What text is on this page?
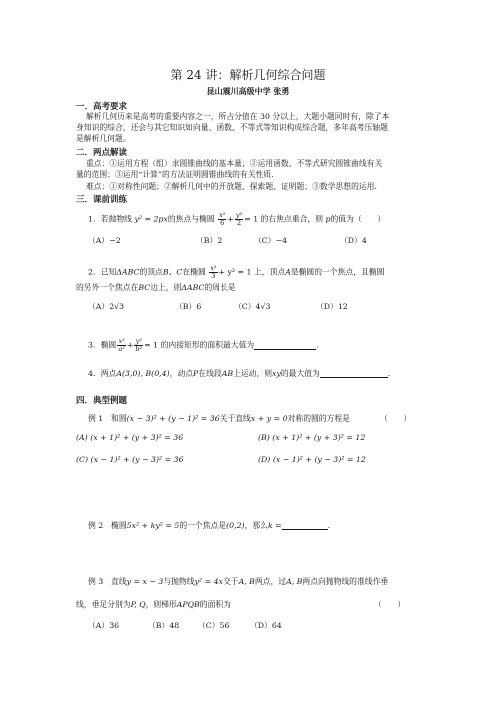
第 24 讲：解析几何综合问题
昆山震川高级中学 张勇
一．高考要求
解析几何历来是高考的重要内容之一，所占分值在 30 分以上，大题小题同时有，除了本
身知识的综合，还会与其它知识如向量、函数、不等式等知识构成综合题，多年高考压轴题
是解析几何题。
二．两点解读
重点：①运用方程（组）求圆锥曲线的基本量；②运用函数、不等式研究圆锥曲线有关
量的范围；③运用“计算”的方法证明圆锥曲线的有关性质．
难点：①对称性问题；②解析几何中的开放题、探索题、证明题；③数学思想的运用．
三．课前训练
1．若抛物线 y² = 2px的焦点与椭圆 $\frac{\text{x²}}{6} + \frac{\text{y²}}{2} = 1$ 的右焦点重合，则 p的值为（　　）
（A）−2	（B）2	（C）−4	（D）4
2．已知ΔABC的顶点B、C在椭圆 $\frac{\text{x²}}{3} + y^2 = 1$ 上，顶点A是椭圆的一个焦点，且椭圆
的另外一个焦点在BC边上，则ΔABC的周长是
（A）2√3	（B）6	（C）4√3	（D）12
3．椭圆 $\frac{\text{x²}}{\text{a²}} + \frac{\text{y²}}{\text{b²}} = 1$ 的内接矩形的面积最大值为	.
4．两点A(3,0), B(0,4)，动点P在线段AB上运动，则xy的最大值为	.
四．典型例题
例 1　和圆(x − 3)² + (y − 1)² = 36关于直线x + y = 0对称的圆的方程是	（　　）
(A) (x + 1)² + (y + 3)² = 36	(B) (x + 1)² + (y + 3)² = 12
(C) (x − 1)² + (y − 3)² = 36	(D) (x − 1)² + (y − 3)² = 12
例 2　椭圆5x² + ky² = 5的一个焦点是(0,2)，那么k =	.
例 3　直线y = x − 3与抛物线y² = 4x交于A, B两点，过A, B两点向抛物线的准线作垂
线，垂足分别为P, Q，则梯形APQB的面积为	（　　）
（A）36	（B）48 （C）56	（D）64
